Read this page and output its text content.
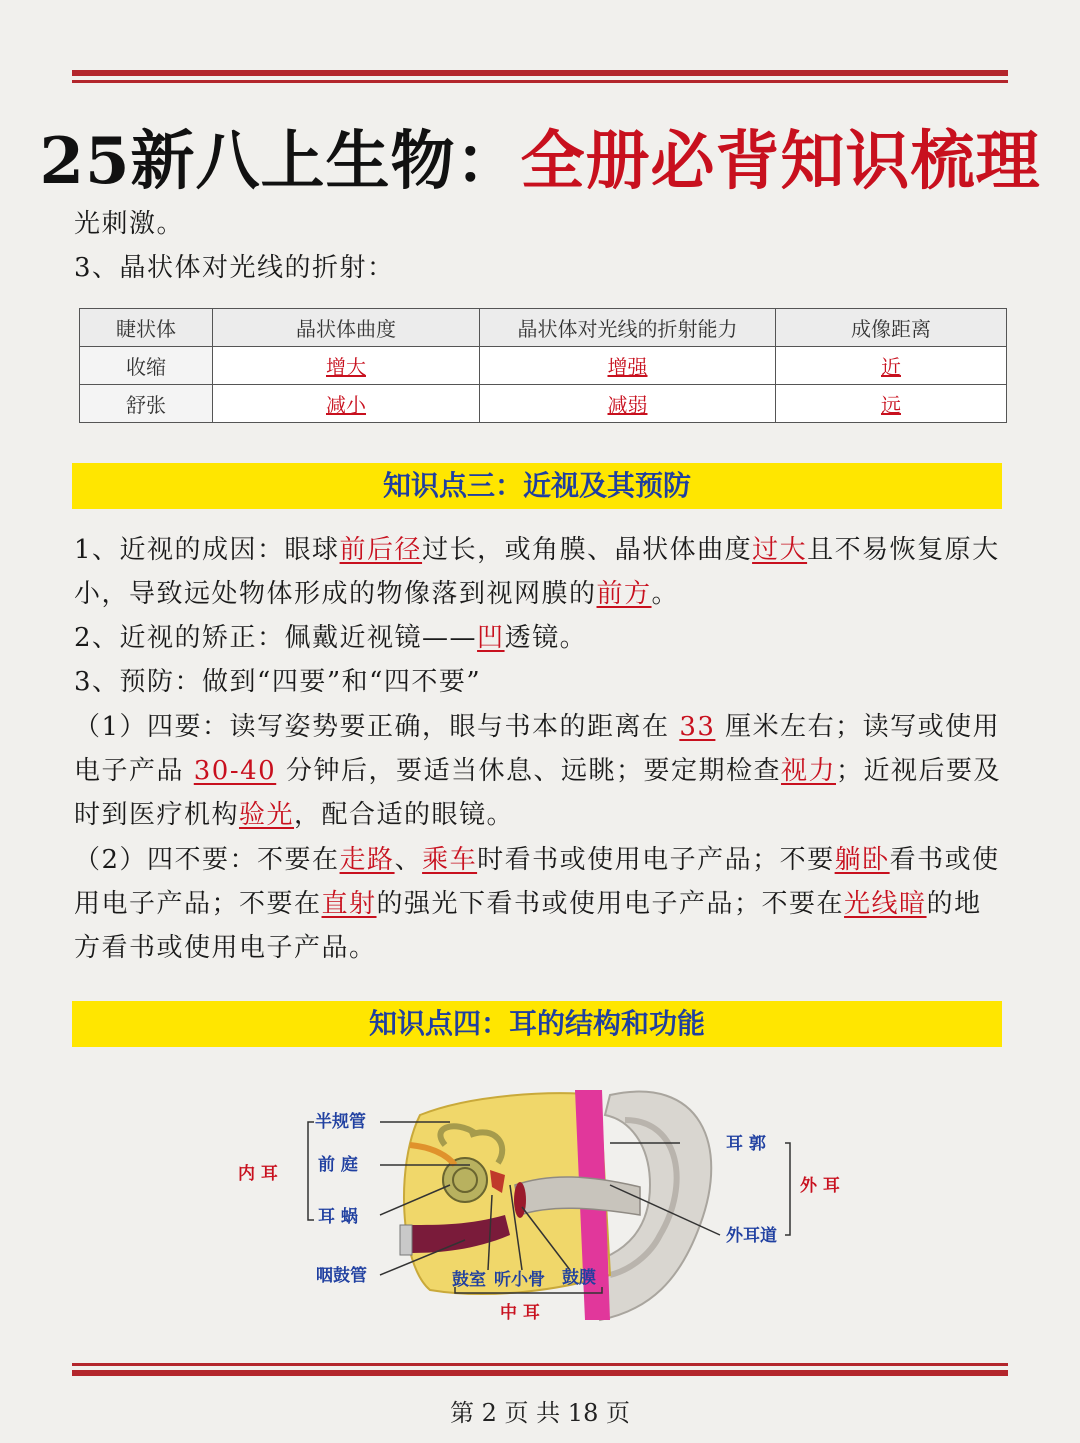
25新八上生物：全册必背知识梳理
光刺激。
3、晶状体对光线的折射：
睫状体	晶状体曲度	晶状体对光线的折射能力	成像距离
收缩	增大	增强	近
舒张	减小	减弱	远
知识点三：近视及其预防
1、近视的成因：眼球前后径过长，或角膜、晶状体曲度过大且不易恢复原大小，导致远处物体形成的物像落到视网膜的前方。
2、近视的矫正：佩戴近视镜——凹透镜。
3、预防：做到“四要”和“四不要”
（1）四要：读写姿势要正确，眼与书本的距离在 33 厘米左右；读写或使用电子产品 30-40 分钟后，要适当休息、远眺；要定期检查视力；近视后要及时到医疗机构验光，配合适的眼镜。
（2）四不要：不要在走路、乘车时看书或使用电子产品；不要躺卧看书或使用电子产品；不要在直射的强光下看书或使用电子产品；不要在光线暗的地方看书或使用电子产品。
知识点四：耳的结构和功能
半规管
前 庭
耳 蜗
内 耳
咽鼓管	鼓室 听小骨 鼓膜
中 耳
耳 郭
外耳道
外 耳
第 2 页 共 18 页
